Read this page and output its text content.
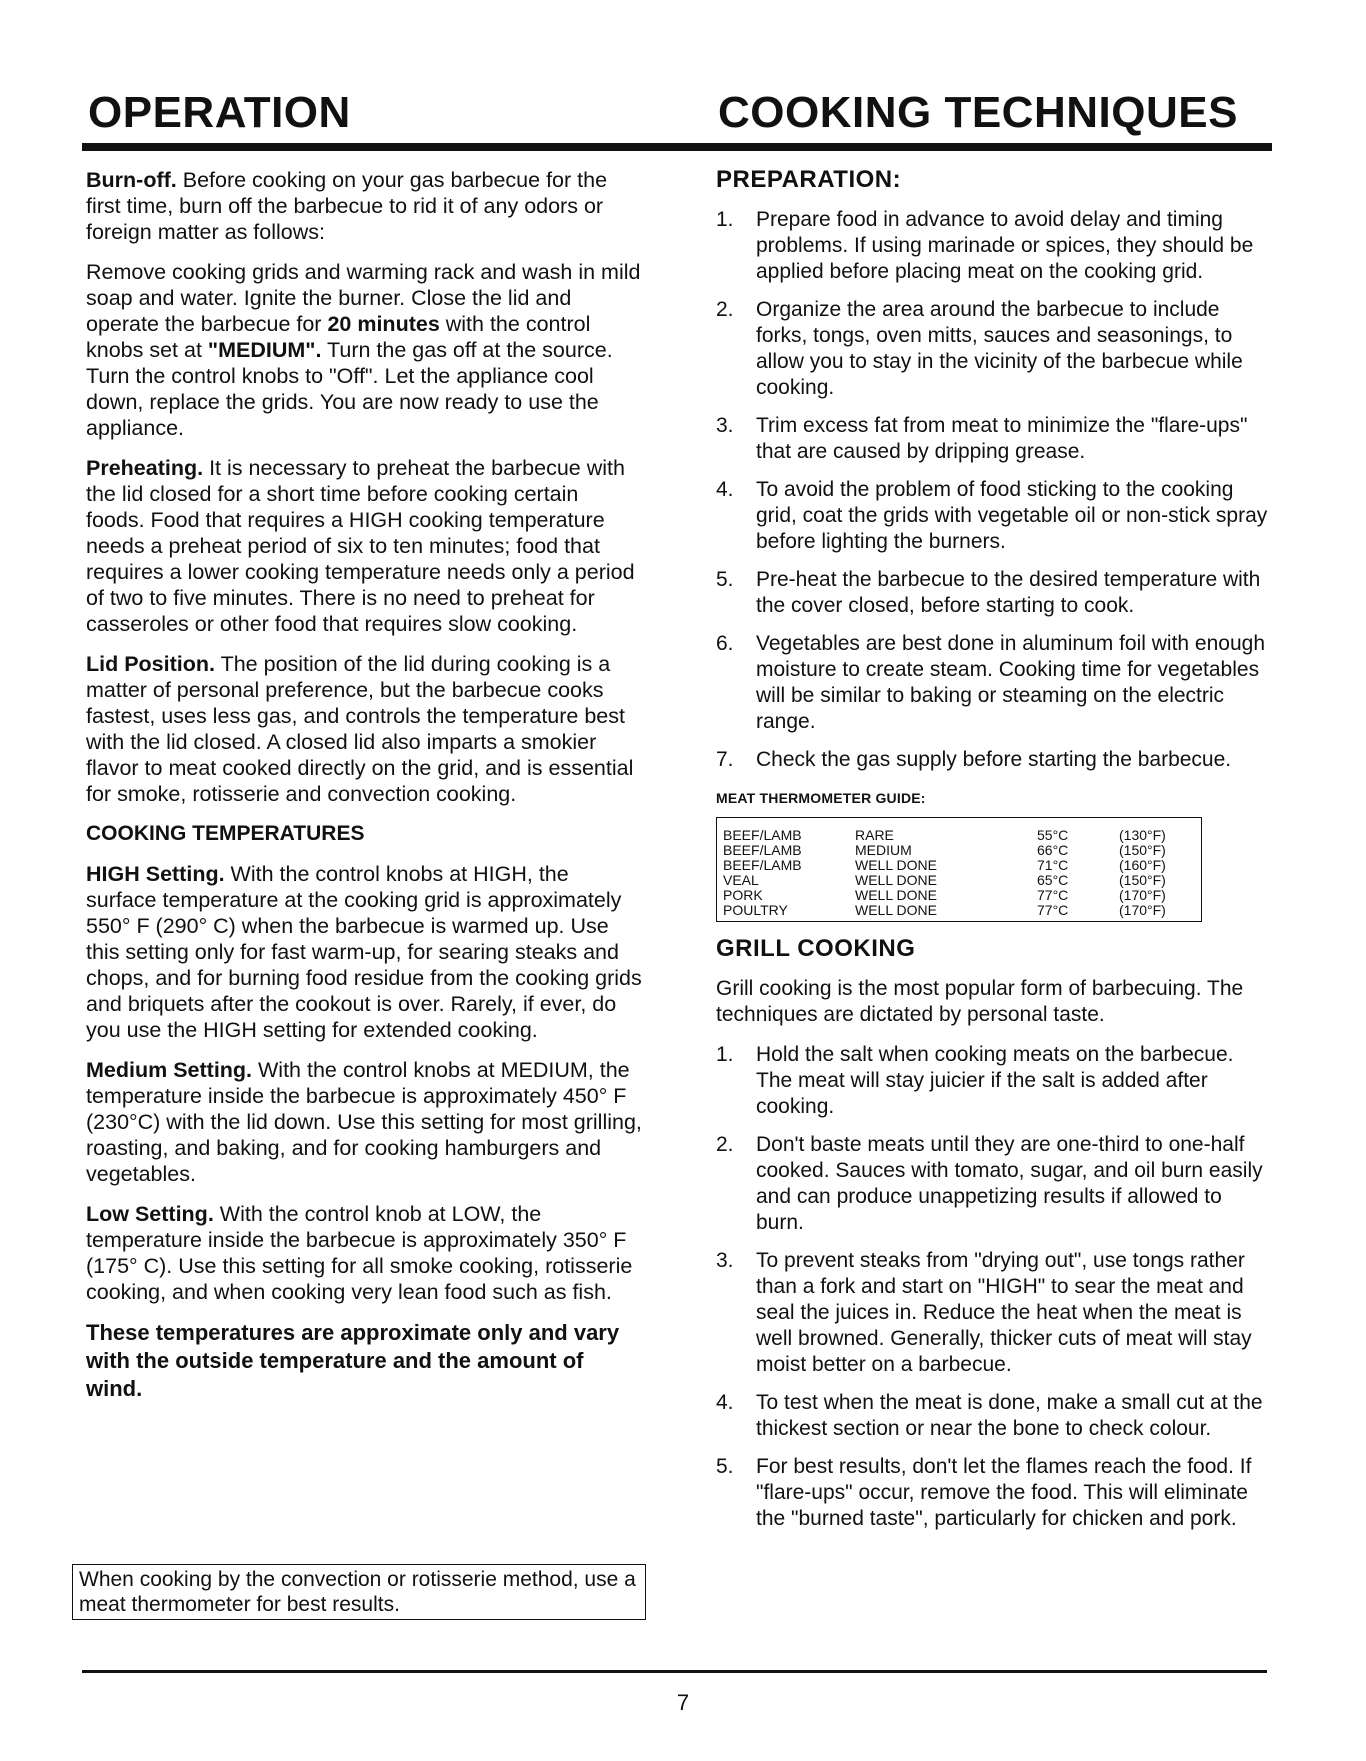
OPERATION	COOKING TECHNIQUES

Burn-off. Before cooking on your gas barbecue for the first time, burn off the barbecue to rid it of any odors or foreign matter as follows:

Remove cooking grids and warming rack and wash in mild soap and water. Ignite the burner. Close the lid and operate the barbecue for 20 minutes with the control knobs set at "MEDIUM". Turn the gas off at the source. Turn the control knobs to "Off". Let the appliance cool down, replace the grids. You are now ready to use the appliance.

Preheating. It is necessary to preheat the barbecue with the lid closed for a short time before cooking certain foods. Food that requires a HIGH cooking temperature needs a preheat period of six to ten minutes; food that requires a lower cooking temperature needs only a period of two to five minutes. There is no need to preheat for casseroles or other food that requires slow cooking.

Lid Position. The position of the lid during cooking is a matter of personal preference, but the barbecue cooks fastest, uses less gas, and controls the temperature best with the lid closed. A closed lid also imparts a smokier flavor to meat cooked directly on the grid, and is essential for smoke, rotisserie and convection cooking.

COOKING TEMPERATURES

HIGH Setting. With the control knobs at HIGH, the surface temperature at the cooking grid is approximately 550° F (290° C) when the barbecue is warmed up. Use this setting only for fast warm-up, for searing steaks and chops, and for burning food residue from the cooking grids and briquets after the cookout is over. Rarely, if ever, do you use the HIGH setting for extended cooking.

Medium Setting. With the control knobs at MEDIUM, the temperature inside the barbecue is approximately 450° F (230°C) with the lid down. Use this setting for most grilling, roasting, and baking, and for cooking hamburgers and vegetables.

Low Setting. With the control knob at LOW, the temperature inside the barbecue is approximately 350° F (175° C). Use this setting for all smoke cooking, rotisserie cooking, and when cooking very lean food such as fish.

These temperatures are approximate only and vary with the outside temperature and the amount of wind.

When cooking by the convection or rotisserie method, use a meat thermometer for best results.

PREPARATION:

1. Prepare food in advance to avoid delay and timing problems. If using marinade or spices, they should be applied before placing meat on the cooking grid.
2. Organize the area around the barbecue to include forks, tongs, oven mitts, sauces and seasonings, to allow you to stay in the vicinity of the barbecue while cooking.
3. Trim excess fat from meat to minimize the "flare-ups" that are caused by dripping grease.
4. To avoid the problem of food sticking to the cooking grid, coat the grids with vegetable oil or non-stick spray before lighting the burners.
5. Pre-heat the barbecue to the desired temperature with the cover closed, before starting to cook.
6. Vegetables are best done in aluminum foil with enough moisture to create steam. Cooking time for vegetables will be similar to baking or steaming on the electric range.
7. Check the gas supply before starting the barbecue.

MEAT THERMOMETER GUIDE:

BEEF/LAMB	RARE	55°C	(130°F)
BEEF/LAMB	MEDIUM	66°C	(150°F)
BEEF/LAMB	WELL DONE	71°C	(160°F)
VEAL	WELL DONE	65°C	(150°F)
PORK	WELL DONE	77°C	(170°F)
POULTRY	WELL DONE	77°C	(170°F)

GRILL COOKING

Grill cooking is the most popular form of barbecuing. The techniques are dictated by personal taste.

1. Hold the salt when cooking meats on the barbecue. The meat will stay juicier if the salt is added after cooking.
2. Don't baste meats until they are one-third to one-half cooked. Sauces with tomato, sugar, and oil burn easily and can produce unappetizing results if allowed to burn.
3. To prevent steaks from "drying out", use tongs rather than a fork and start on "HIGH" to sear the meat and seal the juices in. Reduce the heat when the meat is well browned. Generally, thicker cuts of meat will stay moist better on a barbecue.
4. To test when the meat is done, make a small cut at the thickest section or near the bone to check colour.
5. For best results, don't let the flames reach the food. If "flare-ups" occur, remove the food. This will eliminate the "burned taste", particularly for chicken and pork.
7
